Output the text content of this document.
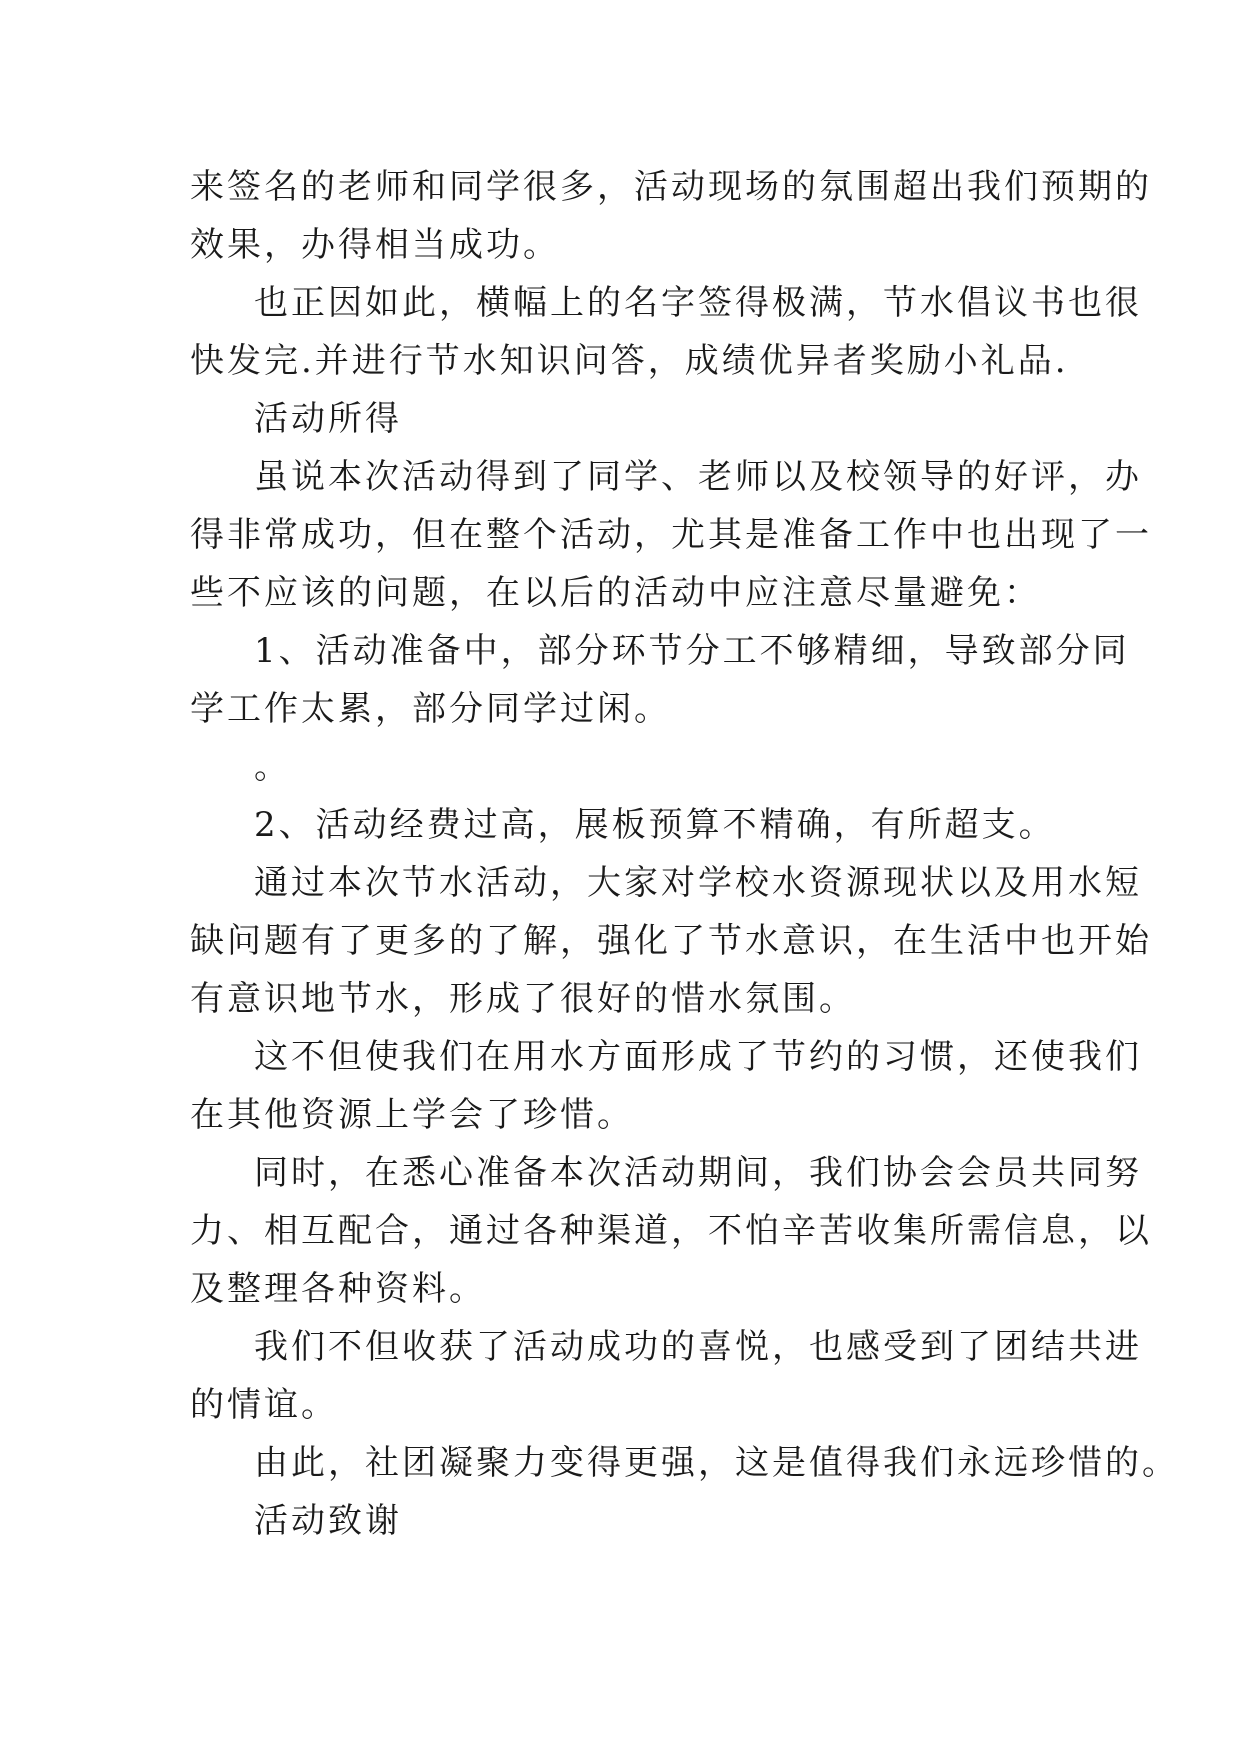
来签名的老师和同学很多，活动现场的氛围超出我们预期的
效果，办得相当成功。
也正因如此，横幅上的名字签得极满，节水倡议书也很
快发完.并进行节水知识问答，成绩优异者奖励小礼品.
活动所得
虽说本次活动得到了同学、老师以及校领导的好评，办
得非常成功，但在整个活动，尤其是准备工作中也出现了一
些不应该的问题，在以后的活动中应注意尽量避免：
1、活动准备中，部分环节分工不够精细，导致部分同
学工作太累，部分同学过闲。
。
2、活动经费过高，展板预算不精确，有所超支。
通过本次节水活动，大家对学校水资源现状以及用水短
缺问题有了更多的了解，强化了节水意识，在生活中也开始
有意识地节水，形成了很好的惜水氛围。
这不但使我们在用水方面形成了节约的习惯，还使我们
在其他资源上学会了珍惜。
同时，在悉心准备本次活动期间，我们协会会员共同努
力、相互配合，通过各种渠道，不怕辛苦收集所需信息，以
及整理各种资料。
我们不但收获了活动成功的喜悦，也感受到了团结共进
的情谊。
由此，社团凝聚力变得更强，这是值得我们永远珍惜的。
活动致谢
